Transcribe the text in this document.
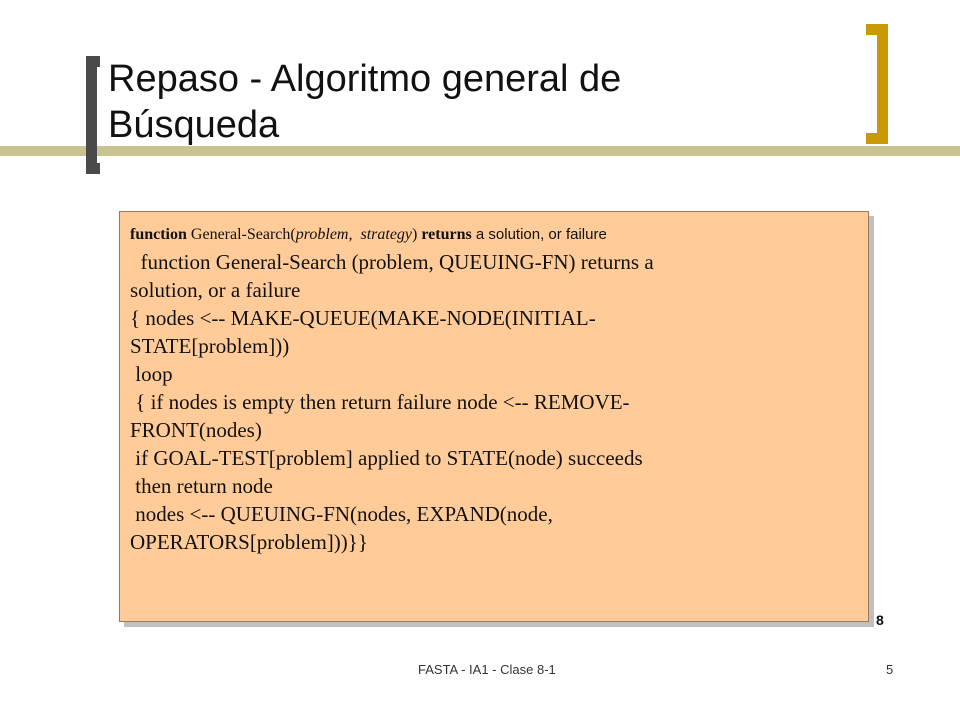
Repaso - Algoritmo general de
Búsqueda
function General-Search(problem, strategy) returns a solution, or failure
function General-Search (problem, QUEUING-FN) returns a
solution, or a failure
{ nodes <-- MAKE-QUEUE(MAKE-NODE(INITIAL-
STATE[problem]))
loop
{ if nodes is empty then return failure node <-- REMOVE-
FRONT(nodes)
if GOAL-TEST[problem] applied to STATE(node) succeeds
then return node
nodes <-- QUEUING-FN(nodes, EXPAND(node,
OPERATORS[problem]))}}
8
FASTA - IA1 - Clase 8-1	5
